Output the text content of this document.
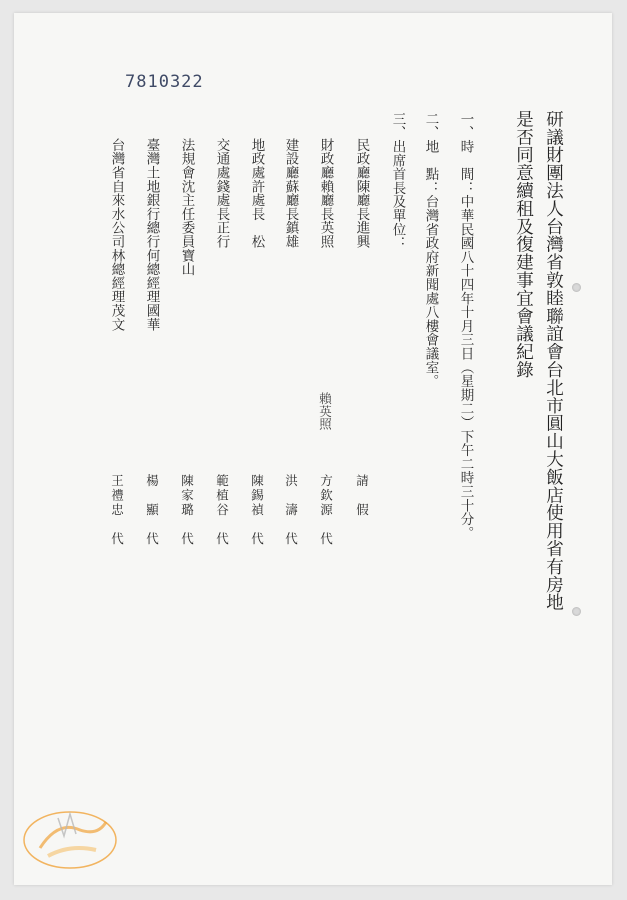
7810322
研議財團法人台灣省敦睦聯誼會台北市圓山大飯店使用省有房地
是否同意續租及復建事宜會議紀錄
一、時　間：中華民國八十四年十月三日（星期二）下午二時三十分。
二、地　點：台灣省政府新聞處八樓會議室。
三、出席首長及單位：
民政廳陳廳長進興
財政廳賴廳長英照
建設廳蘇廳長鎮雄
地政處許處長　松
交通處錢處長正行
法規會沈主任委員寶山
臺灣土地銀行總行何總經理國華
台灣省自來水公司林總經理茂文
賴英照
請　假
方欽源　代
洪　濤　代
陳錫禎　代
範植谷　代
陳家璐　代
楊　顯　代
王禮忠　代
